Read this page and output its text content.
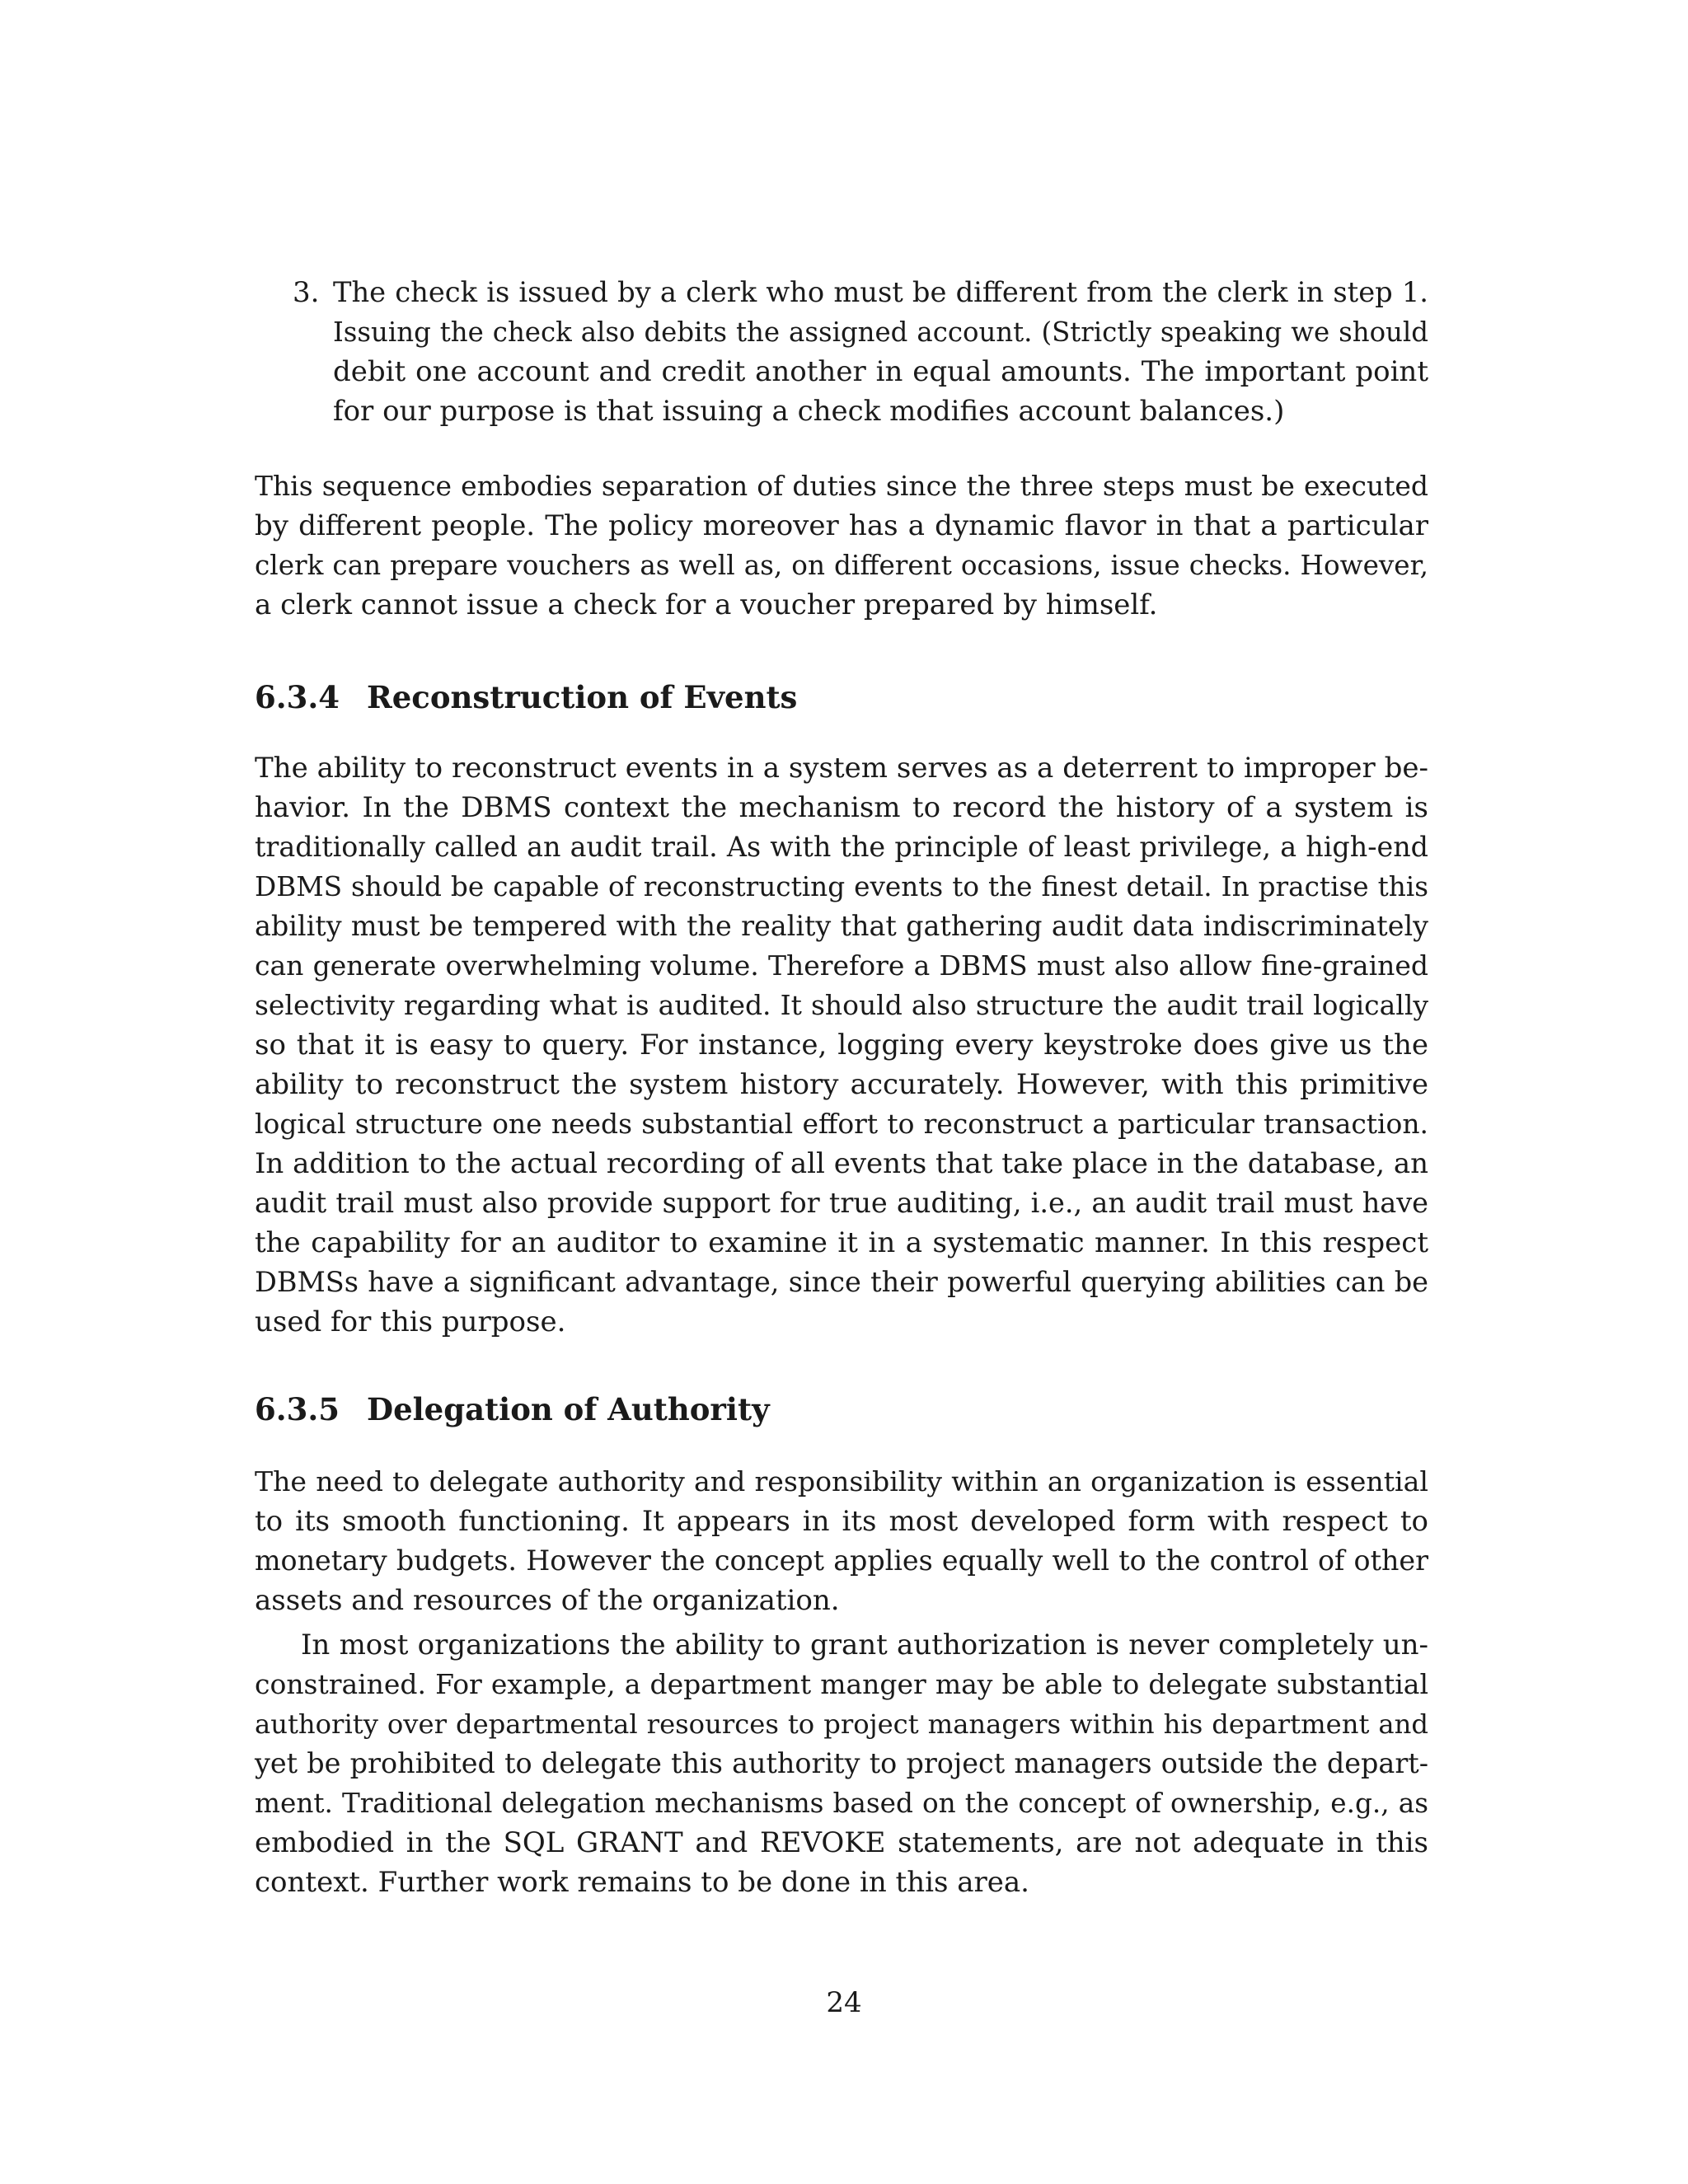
3. The check is issued by a clerk who must be different from the clerk in step 1.
Issuing the check also debits the assigned account. (Strictly speaking we should
debit one account and credit another in equal amounts. The important point
for our purpose is that issuing a check modifies account balances.)
This sequence embodies separation of duties since the three steps must be executed
by different people. The policy moreover has a dynamic flavor in that a particular
clerk can prepare vouchers as well as, on different occasions, issue checks. However,
a clerk cannot issue a check for a voucher prepared by himself.
6.3.4 Reconstruction of Events
The ability to reconstruct events in a system serves as a deterrent to improper be-
havior. In the DBMS context the mechanism to record the history of a system is
traditionally called an audit trail. As with the principle of least privilege, a high-end
DBMS should be capable of reconstructing events to the finest detail. In practise this
ability must be tempered with the reality that gathering audit data indiscriminately
can generate overwhelming volume. Therefore a DBMS must also allow fine-grained
selectivity regarding what is audited. It should also structure the audit trail logically
so that it is easy to query. For instance, logging every keystroke does give us the
ability to reconstruct the system history accurately. However, with this primitive
logical structure one needs substantial effort to reconstruct a particular transaction.
In addition to the actual recording of all events that take place in the database, an
audit trail must also provide support for true auditing, i.e., an audit trail must have
the capability for an auditor to examine it in a systematic manner. In this respect
DBMSs have a significant advantage, since their powerful querying abilities can be
used for this purpose.
6.3.5 Delegation of Authority
The need to delegate authority and responsibility within an organization is essential
to its smooth functioning. It appears in its most developed form with respect to
monetary budgets. However the concept applies equally well to the control of other
assets and resources of the organization.
In most organizations the ability to grant authorization is never completely un-
constrained. For example, a department manger may be able to delegate substantial
authority over departmental resources to project managers within his department and
yet be prohibited to delegate this authority to project managers outside the depart-
ment. Traditional delegation mechanisms based on the concept of ownership, e.g., as
embodied in the SQL GRANT and REVOKE statements, are not adequate in this
context. Further work remains to be done in this area.
24
